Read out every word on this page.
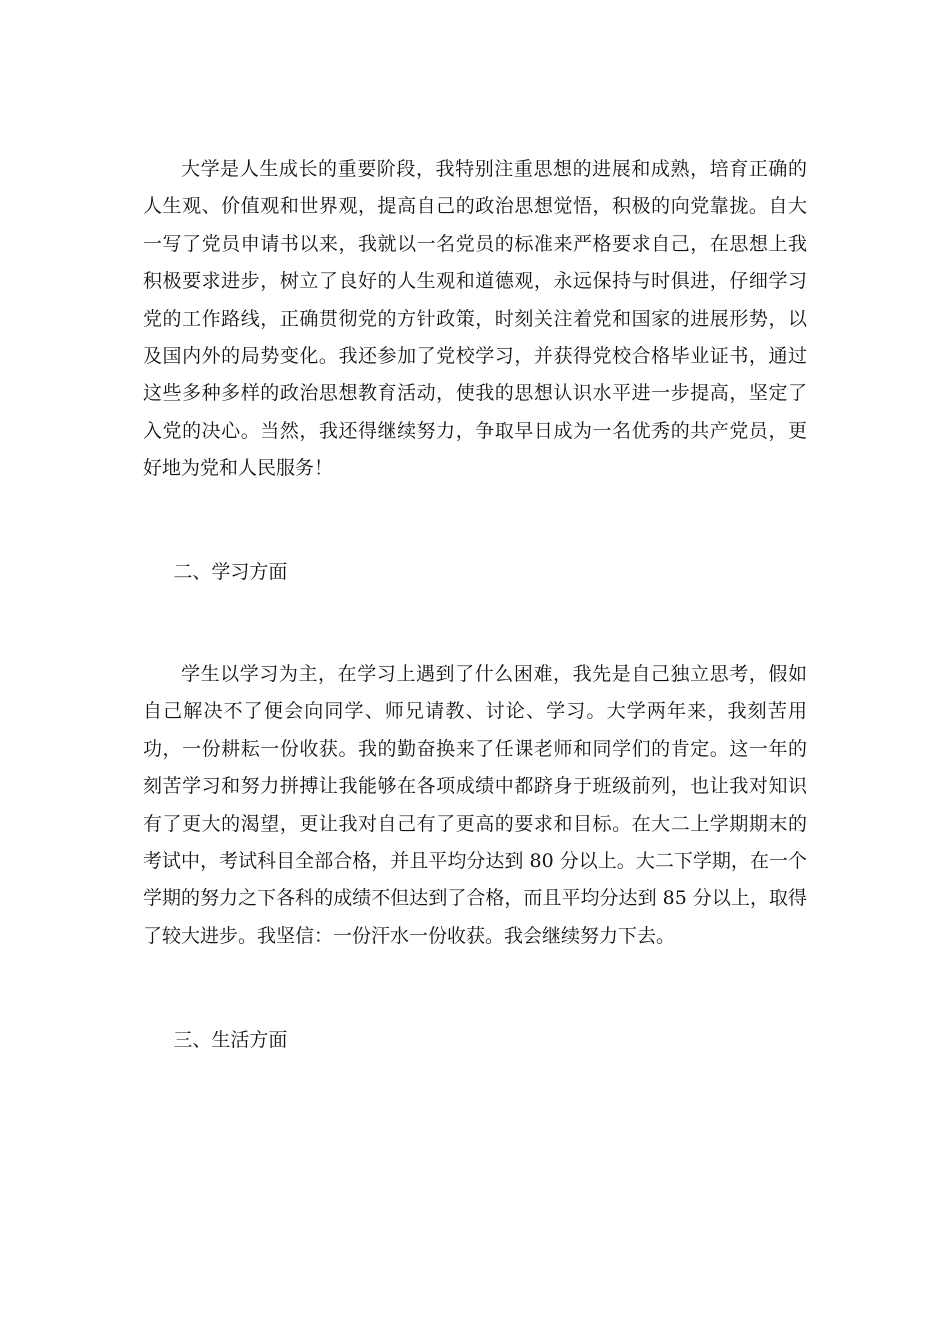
大学是人生成长的重要阶段，我特别注重思想的进展和成熟，培育正确的人生观、价值观和世界观，提高自己的政治思想觉悟，积极的向党靠拢。自大一写了党员申请书以来，我就以一名党员的标准来严格要求自己，在思想上我积极要求进步，树立了良好的人生观和道德观，永远保持与时俱进，仔细学习党的工作路线，正确贯彻党的方针政策，时刻关注着党和国家的进展形势，以及国内外的局势变化。我还参加了党校学习，并获得党校合格毕业证书，通过这些多种多样的政治思想教育活动，使我的思想认识水平进一步提高，坚定了入党的决心。当然，我还得继续努力，争取早日成为一名优秀的共产党员，更好地为党和人民服务！

二、学习方面

学生以学习为主，在学习上遇到了什么困难，我先是自己独立思考，假如自己解决不了便会向同学、师兄请教、讨论、学习。大学两年来，我刻苦用功，一份耕耘一份收获。我的勤奋换来了任课老师和同学们的肯定。这一年的刻苦学习和努力拼搏让我能够在各项成绩中都跻身于班级前列，也让我对知识有了更大的渴望，更让我对自己有了更高的要求和目标。在大二上学期期末的考试中，考试科目全部合格，并且平均分达到 80 分以上。大二下学期，在一个学期的努力之下各科的成绩不但达到了合格，而且平均分达到 85 分以上，取得了较大进步。我坚信：一份汗水一份收获。我会继续努力下去。

三、生活方面
